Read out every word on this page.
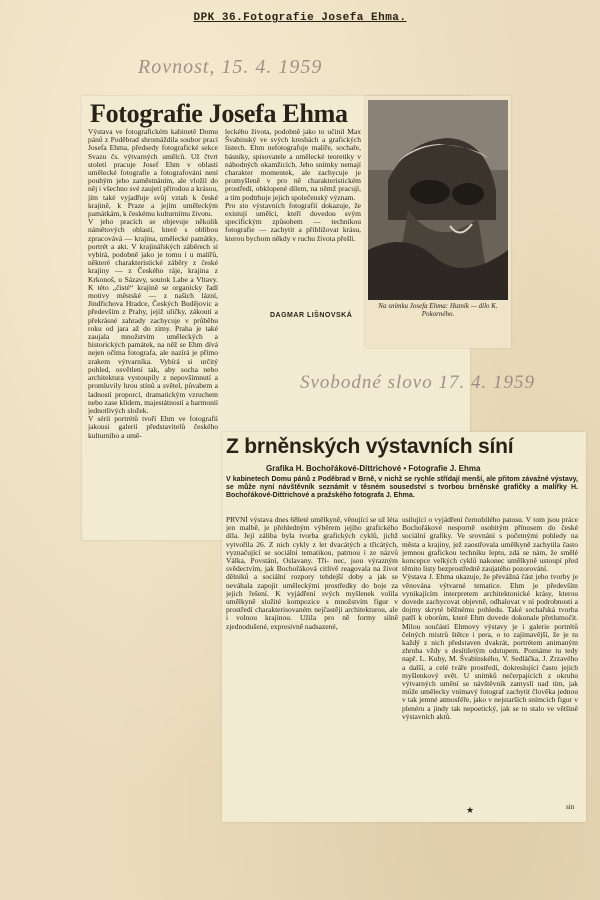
DPK 36.Fotografie Josefa Ehma.
Rovnost, 15. 4. 1959
Fotografie Josefa Ehma
Výstava ve fotografickém kabinetě Domu pánů z Poděbrad shromáždila soubor prací Josefa Ehma, předsedy fotografické sekce Svazu čs. výtvarných umělců. Už čtvrt století pracuje Josef Ehm v oblasti umělecké fotografie a fotografování není pouhým jeho zaměstnáním, ale vložil do něj i všechno své zaujetí přírodou a krásou, jím také vyjadřuje svůj vztah k české krajině, k Praze a jejím uměleckým památkám, k českému kulturnímu životu.
V jeho pracích se objevuje několik námětových oblastí, které s oblibou zpracovává — krajina, umělecké památky, portrét a akt. V krajinářských záběrech si vybírá, podobně jako je tomu i u malířů, některé charakteristické záběry z české krajiny — z Českého ráje, krajina z Krkonoš, u Sázavy, soutok Labe a Vltavy. K této „čisté“ krajině se organicky řadí motivy městské — z našich lázní, Jindřichova Hradce, Českých Budějovic a především z Prahy, jejíž uličky, zákoutí a překrásné zahrady zachycuje v průběhu roku od jara až do zimy. Praha je také zaujala množstvím uměleckých a historických památek, na něž se Ehm dívá nejen očima fotografa, ale nazírá je přímo zrakem výtvarníka. Vybírá si určitý pohled, osvětlení tak, aby socha nebo architektura vystoupily z nepovšimnutí a promluvily hrou stínů a světel, půvabem a ladností proporcí, dramatickým vzruchem nebo zase klidem, majestátností a harmonií jednotlivých složek.
V sérii portrétů tvoří Ehm ve fotografii jakousi galerii představitelů českého kulturního a umě-
leckého života, podobně jako to učinil Max Švabinský ve svých kresbách a grafických listech. Ehm nefotografuje malíře, sochaře, básníky, spisovatele a umělecké teoretiky v náhodných okamžicích. Jeho snímky nemají charakter momentek, ale zachycuje je promyšleně v pro ně charakteristickém prostředí, obklopené dílem, na němž pracují, a tím podtrhuje jejich společenský význam.
Pro sto výstavních fotografií dokazuje, že existují umělci, kteří dovedou svým specifickým způsobem — technikou fotografie — zachytit a přibližovat krásu, kterou bychom někdy v ruchu života přešli.
DAGMAR LIŠNOVSKÁ
Na snímku Josefa Ehma: Hutník — dílo K. Pokorného.
Svobodné slovo 17. 4. 1959
Z brněnských výstavních síní
Grafika H. Bochořákové-Dittrichové • Fotografie J. Ehma
V kabinetech Domu pánů z Poděbrad v Brně, v nichž se rychle střídají menší, ale přitom závažné výstavy, se může nyní návštěvník seznámit v těsném sousedství s tvorbou brněnské grafičky a malířky H. Bochořákové-Dittrichové a pražského fotografa J. Ehma.
PRVNÍ výstava dnes 68leté umělkyně, věnující se už léta jen malbě, je přehledným výběrem jejího grafického díla. Její záliba byla tvorba grafických cyklů, jichž vytvořila 26. Z nich cykly z let dvacátých a třicátých, vyznačující se sociální tematikou, patrnou i ze názvů Válka, Povstání, Oslavany. Tři- nec, jsou výrazným svědectvím, jak Bochořáková citlivě reagovala na život dělníků a sociální rozpory tehdejší doby a jak se neváhala zapojit uměleckými prostředky do boje za jejich řešení. K vyjádření svých myšlenek volila umělkyně složité kompozice s množstvím figur v prostředí charakterisovaném nejčastěji architekturou, ale i volnou krajinou. Užila pro ně formy silně zjednodušené, expresivně nadsazené,
usilující o vyjádření černobílého patosu. V tom jsou práce Bochořákové nesporně osobitým přínosem do české sociální grafiky. Ve srovnání s početnými pohledy na města a krajiny, jež zaostřovala umělkyně zachytila často jemnou grafickou techniku leptu, zdá se nám, že smělé koncepce velkých cyklů nakonec umělkyně ustoupí před těmito listy bezprostředně zaujatého pozorování.
Výstava J. Ehma ukazuje, že převážná část jeho tvorby je věnována výtvarné tematice. Ehm je především vynikajícím interpretem architektonické krásy, kterou dovede zachycovat objevně, odhalovat v ní podrobnosti a dojmy skryté běžnému pohledu. Také sochařská tvorba patří k oborům, které Ehm dovede dokonale přetlumočit. Milou součástí Ehmovy výstavy je i galerie portrétů čelných mistrů štětce i pera, o to zajímavější, že je tu každý z nich představen dvakrát, portrétem animaným zhruba vždy s desítiletým odstupem. Poznáme tu tedy např. L. Kuby, M. Švabinského, V. Sedláčka, J. Zrzavého a další, a celé tváře prostředí, dokreslující často jejich myšlenkový svět. U snímků nečerpajících z okruhu výtvarných umění se návštěvník zamyslí nad tím, jak může umělecky vnímavý fotograf zachytit člověka jednou v tak jemné atmosféře, jako v nejstarších snímcích figur v plenéru a jindy tak nepoetický, jak se to stalo ve většině výstavních aktů.
★	sin
